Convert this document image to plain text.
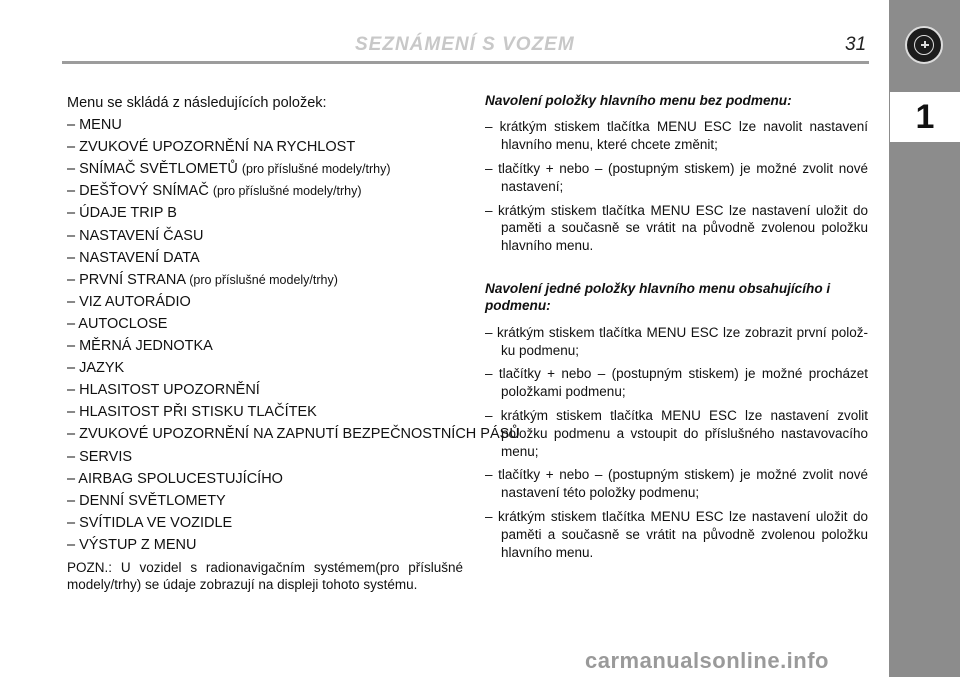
1
SEZNÁMENÍ S VOZEM	31
Menu se skládá z následujících položek:
– MENU
– ZVUKOVÉ UPOZORNĚNÍ NA RYCHLOST
– SNÍMAČ SVĚTLOMETŮ (pro příslušné modely/trhy)
– DEŠŤOVÝ SNÍMAČ (pro příslušné modely/trhy)
– ÚDAJE TRIP B
– NASTAVENÍ ČASU
– NASTAVENÍ DATA
– PRVNÍ STRANA (pro příslušné modely/trhy)
– VIZ AUTORÁDIO
– AUTOCLOSE
– MĚRNÁ JEDNOTKA
– JAZYK
– HLASITOST UPOZORNĚNÍ
– HLASITOST PŘI STISKU TLAČÍTEK
– ZVUKOVÉ UPOZORNĚNÍ NA ZAPNUTÍ BEZPEČNOSTNÍCH PÁSŮ
– SERVIS
– AIRBAG SPOLUCESTUJÍCÍHO
– DENNÍ SVĚTLOMETY
– SVÍTIDLA VE VOZIDLE
– VÝSTUP Z MENU
POZN.: U vozidel s radionavigačním systémem(pro příslušné modely/trhy) se údaje zobrazují na displeji tohoto systému.
Navolení položky hlavního menu bez podmenu:
– krátkým stiskem tlačítka MENU ESC lze navolit nastavení hlavního menu, které chcete změnit;
– tlačítky + nebo – (postupným stiskem) je možné zvolit nové nastavení;
– krátkým stiskem tlačítka MENU ESC lze nastavení uložit do paměti a současně se vrátit na původně zvolenou položku hlavního menu.
Navolení jedné položky hlavního menu obsahujícího i podmenu:
– krátkým stiskem tlačítka MENU ESC lze zobrazit první polož-ku podmenu;
– tlačítky + nebo – (postupným stiskem) je možné procházet položkami podmenu;
– krátkým stiskem tlačítka MENU ESC lze nastavení zvolit položku podmenu a vstoupit do příslušného nastavovacího menu;
– tlačítky + nebo – (postupným stiskem) je možné zvolit nové nastavení této položky podmenu;
– krátkým stiskem tlačítka MENU ESC lze nastavení uložit do paměti a současně se vrátit na původně zvolenou položku hlavního menu.
carmanualsonline.info
